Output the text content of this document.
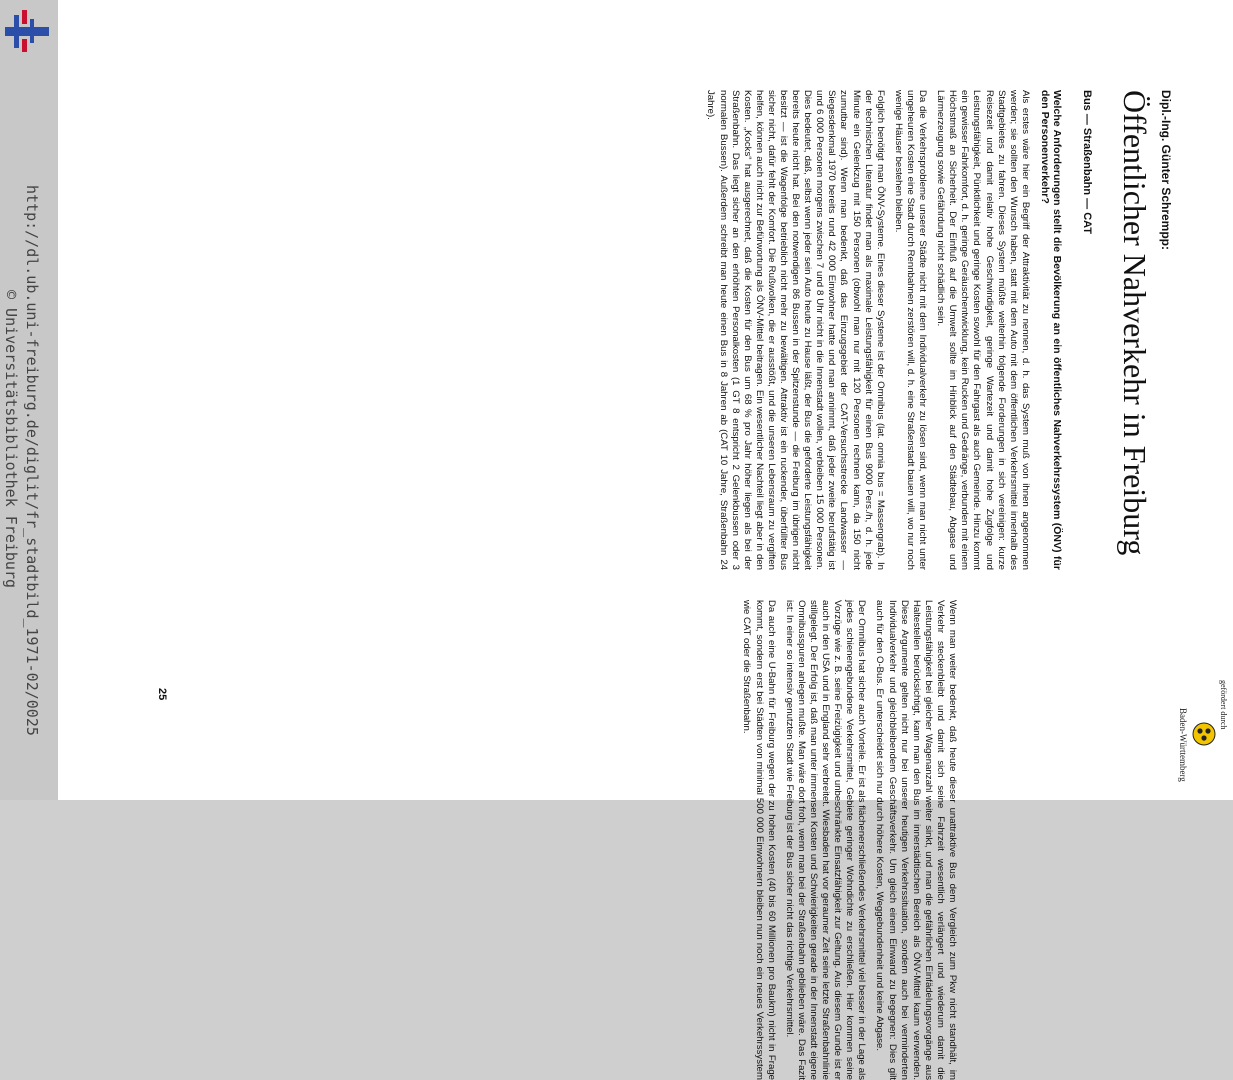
http://dl.ub.uni-freiburg.de/diglit/fr_stadtbild_1971-02/0025
© Universitätsbibliothek Freiburg
Dipl.-Ing. Günter Schrempp:
Öffentlicher Nahverkehr in Freiburg
Bus — Straßenbahn — CAT

Welche Anforderungen stellt die Bevölkerung an ein öffentliches Nahverkehrssystem (ÖNV) für den Personenverkehr?

Als erstes wäre hier ein Begriff der Attraktivität zu nennen, d. h. das System muß von ihnen angenommen werden; sie sollten den Wunsch haben, statt mit dem Auto mit dem öffentlichen Verkehrsmittel innerhalb des Stadtgebietes zu fahren. Dieses System müßte weiterhin folgende Forderungen in sich vereinigen: kurze Reisezeit und damit relativ hohe Geschwindigkeit, geringe Wartezeit und damit hohe Zugfolge und Leistungsfähigkeit, Pünktlichkeit und geringe Kosten sowohl für den Fahrgast als auch Gemeinde. Hinzu kommt ein gewisser Fahrkomfort, d. h. geringe Geräuschentwicklung, kein Rucken und Gedränge, verbunden mit einem Höchstmaß an Sicherheit. Der Einfluß auf die Umwelt sollte im Hinblick auf den Städtebau, Abgase und Lärmerzeugung sowie Gefährdung nicht schädlich sein.

Da die Verkehrsprobleme unserer Städte nicht mit dem Individualverkehr zu lösen sind, wenn man nicht unter ungeheuren Kosten eine Stadt durch Rennbahnen zerstören will, d. h. eine Straßenstadt bauen will, wo nur noch wenige Häuser bestehen bleiben.

Folglich benötigt man ÖNV-Systeme. Eines dieser Systeme ist der Omnibus (lat. omnia bus = Massengrab). In der technischen Literatur findet man als maximale Leistungsfähigkeit für einen Bus 9000 Pers./h, d. h. jede Minute ein Gelenkzug mit 150 Personen (obwohl man nur mit 120 Personen rechnen kann, da 150 nicht zumutbar sind). Wenn man bedenkt, daß das Einzugsgebiet der CAT-Versuchsstrecke Landwasser — Siegesdenkmal 1970 bereits rund 42 000 Einwohner hatte und man annimmt, daß jeder zweite berufstätig ist und 6 000 Personen morgens zwischen 7 und 8 Uhr nicht in die Innenstadt wollen, verbleiben 15 000 Personen. Dies bedeutet, daß, selbst wenn jeder sein Auto heute zu Hause läßt, der Bus die geforderte Leistungsfähigkeit bereits heute nicht hat. Bei den notwendigen 86 Bussen in der Spitzenstunde — die Freiburg im übrigen nicht besitzt — ist die Wagenfolge betrieblich nicht mehr zu bewältigen. Attraktiv ist ein ruckender, überfüllter Bus sicher nicht, dafür fehlt der Komfort. Die Rußwolken, die er ausstößt, und die unseren Lebensraum zu vergiften helfen, können auch nicht zur Befürwortung als ÖNV-Mittel beitragen. Ein wesentlicher Nachteil liegt aber in den Kosten. „Kocks“ hat ausgerechnet, daß die Kosten für den Bus um 68 % pro Jahr höher liegen als bei der Straßenbahn. Das liegt sicher an den erhöhten Personalkosten (1 GT 8 entspricht 2 Gelenkbussen oder 3 normalen Bussen). Außerdem schreibt man heute einen Bus in 8 Jahren ab (CAT 10 Jahre, Straßenbahn 24 Jahre).

Wenn man weiter bedenkt, daß heute dieser unattraktive Bus dem Vergleich zum Pkw nicht standhält, im Verkehr steckenbleibt und damit sich seine Fahrzeit wesentlich verlängert und wiederum damit die Leistungsfähigkeit bei gleicher Wagenanzahl weiter sinkt, und man die gefährlichen Einfädelungsvorgänge aus Haltestellen berücksichtigt, kann man den Bus im innerstädtischen Bereich als ÖNV-Mittel kaum verwenden. Diese Argumente gelten nicht nur bei unserer heutigen Verkehrssituation, sondern auch bei verminderten Individualverkehr und gleichbleibendem Geschäftsverkehr. Um gleich einem Einwand zu begegnen: Dies gilt auch für den O-Bus. Er unterscheidet sich nur durch höhere Kosten, Weggebundenheit und keine Abgase.

Der Omnibus hat sicher auch Vorteile. Er ist als flächenerschließendes Verkehrsmittel viel besser in der Lage als jedes schienengebundene Verkehrsmittel, Gebiete geringer Wohndichte zu erschließen. Hier kommen seine Vorzüge wie z. B. seine Freizügigkeit und unbeschränkte Einsatzfähigkeit zur Geltung. Aus diesem Grunde ist er auch in den USA und in England sehr verbreitet. Wiesbaden hat vor geraumer Zeit seine letzte Straßenbahnlinie stillgelegt. Der Erfolg ist, daß man unter immensen Kosten und Schwierigkeiten gerade in der Innenstadt eigene Omnibusspuren anlegen mußte. Man wäre dort froh, wenn man bei der Straßenbahn geblieben wäre. Das Fazit ist: In einer so intensiv genutzten Stadt wie Freiburg ist der Bus sicher nicht das richtige Verkehrsmittel.

Da auch eine U-Bahn für Freiburg wegen der zu hohen Kosten (40 bis 60 Millionen pro Baukm) nicht in Frage kommt, sondern erst bei Städten von minimal 500 000 Einwohnern bleiben nun noch ein neues Verkehrssystem wie CAT oder die Straßenbahn.

25	gefördert durch
Baden-Württemberg
